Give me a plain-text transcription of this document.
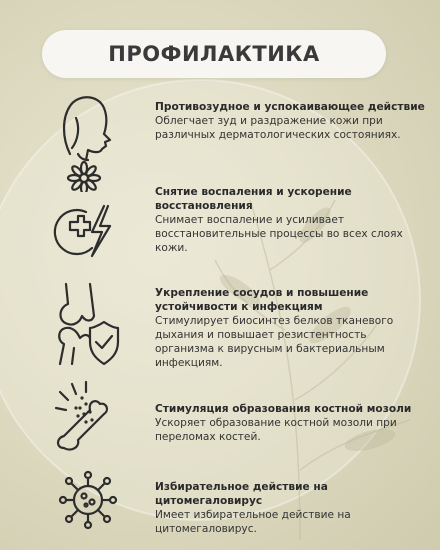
ПРОФИЛАКТИКА
Противозудное и успокаивающее действие
Облегчает зуд и раздражение кожи при различных дерматологических состояниях.
Снятие воспаления и ускорение восстановления
Снимает воспаление и усиливает восстановительные процессы во всех слоях кожи.
Укрепление сосудов и повышение устойчивости к инфекциям
Стимулирует биосинтез белков тканевого дыхания и повышает резистентность организма к вирусным и бактериальным инфекциям.
Стимуляция образования костной мозоли
Ускоряет образование костной мозоли при переломах костей.
Избирательное действие на цитомегаловирус
Имеет избирательное действие на цитомегаловирус.
